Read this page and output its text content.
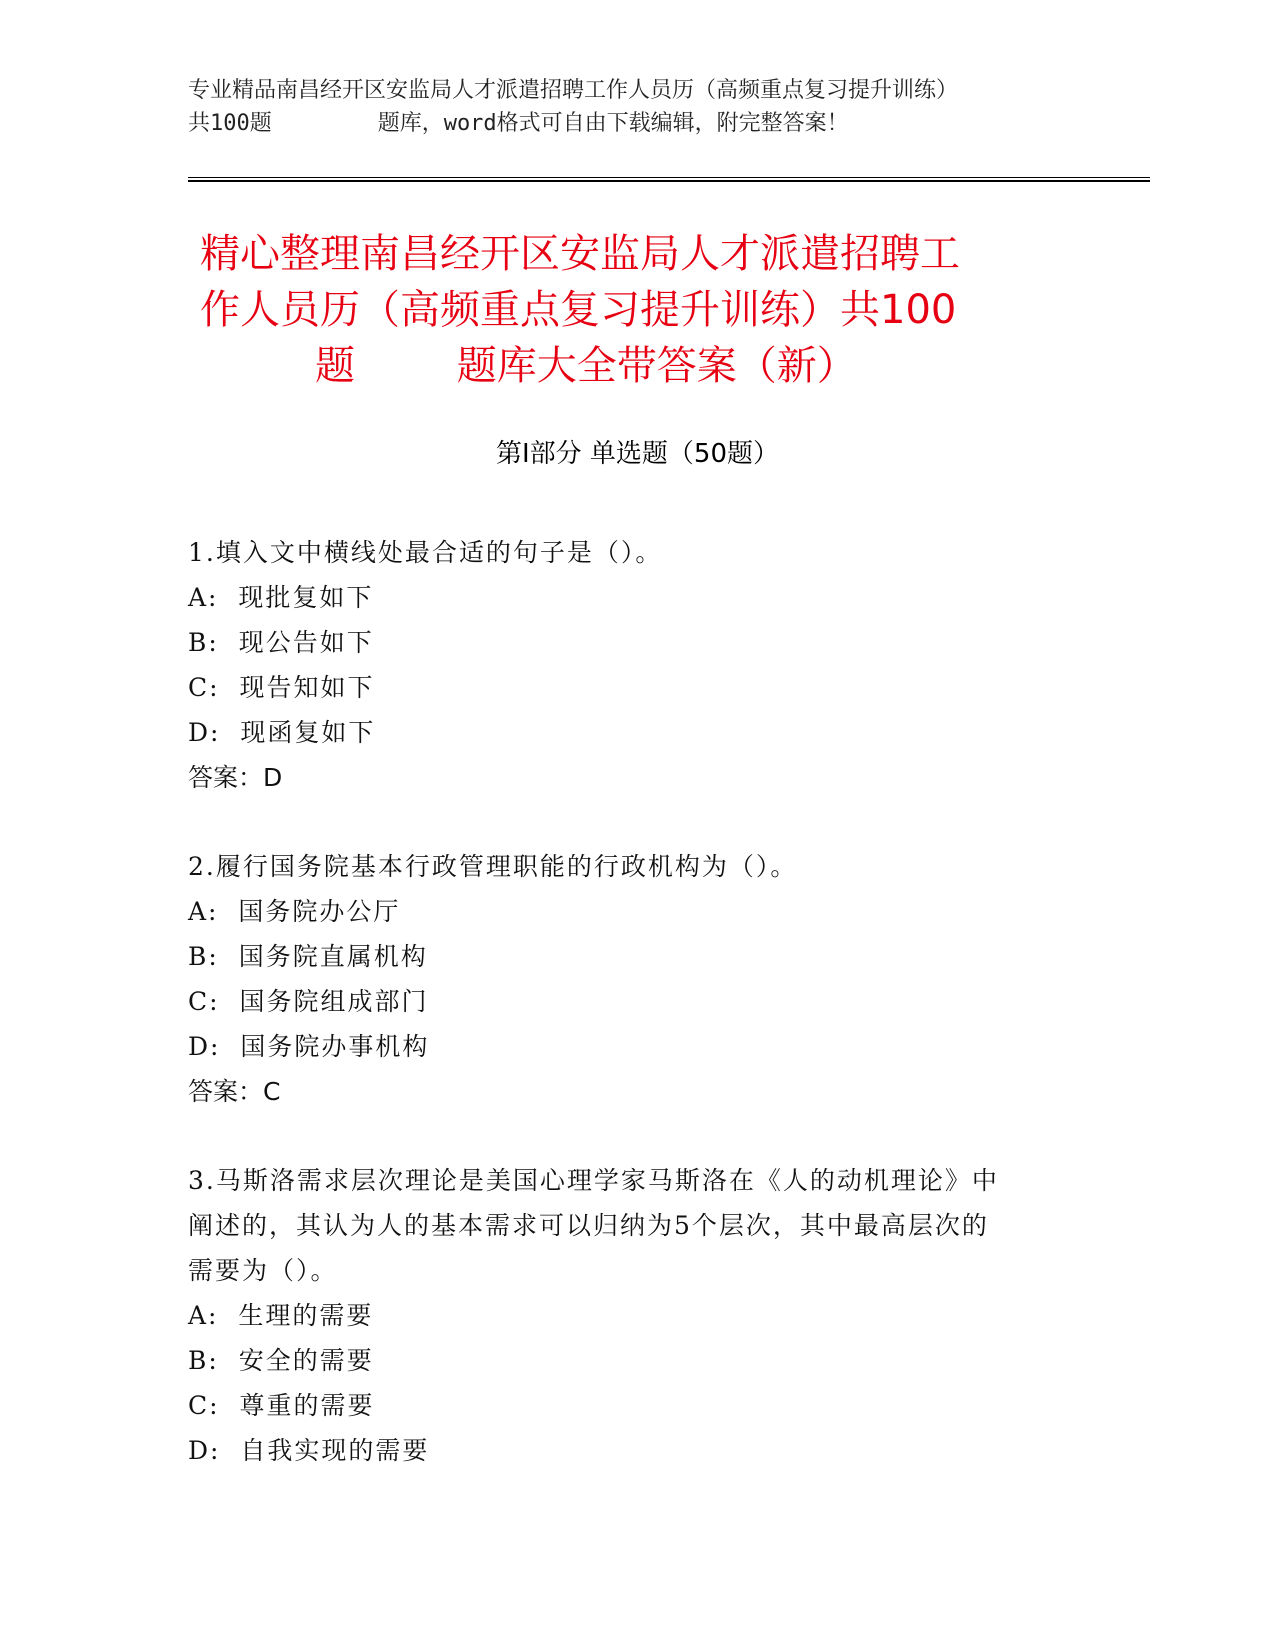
专业精品南昌经开区安监局人才派遣招聘工作人员历（高频重点复习提升训练）
共100题        题库，word格式可自由下载编辑，附完整答案！
精心整理南昌经开区安监局人才派遣招聘工
作人员历（高频重点复习提升训练）共100
题        题库大全带答案（新）
第Ⅰ部分 单选题（50题）
1.填入文中横线处最合适的句子是（）。
A:  现批复如下
B:  现公告如下
C:  现告知如下
D:  现函复如下
答案：D
2.履行国务院基本行政管理职能的行政机构为（）。
A:  国务院办公厅
B:  国务院直属机构
C:  国务院组成部门
D:  国务院办事机构
答案：C
3.马斯洛需求层次理论是美国心理学家马斯洛在《人的动机理论》中
阐述的，其认为人的基本需求可以归纳为5个层次，其中最高层次的
需要为（）。
A:  生理的需要
B:  安全的需要
C:  尊重的需要
D:  自我实现的需要
